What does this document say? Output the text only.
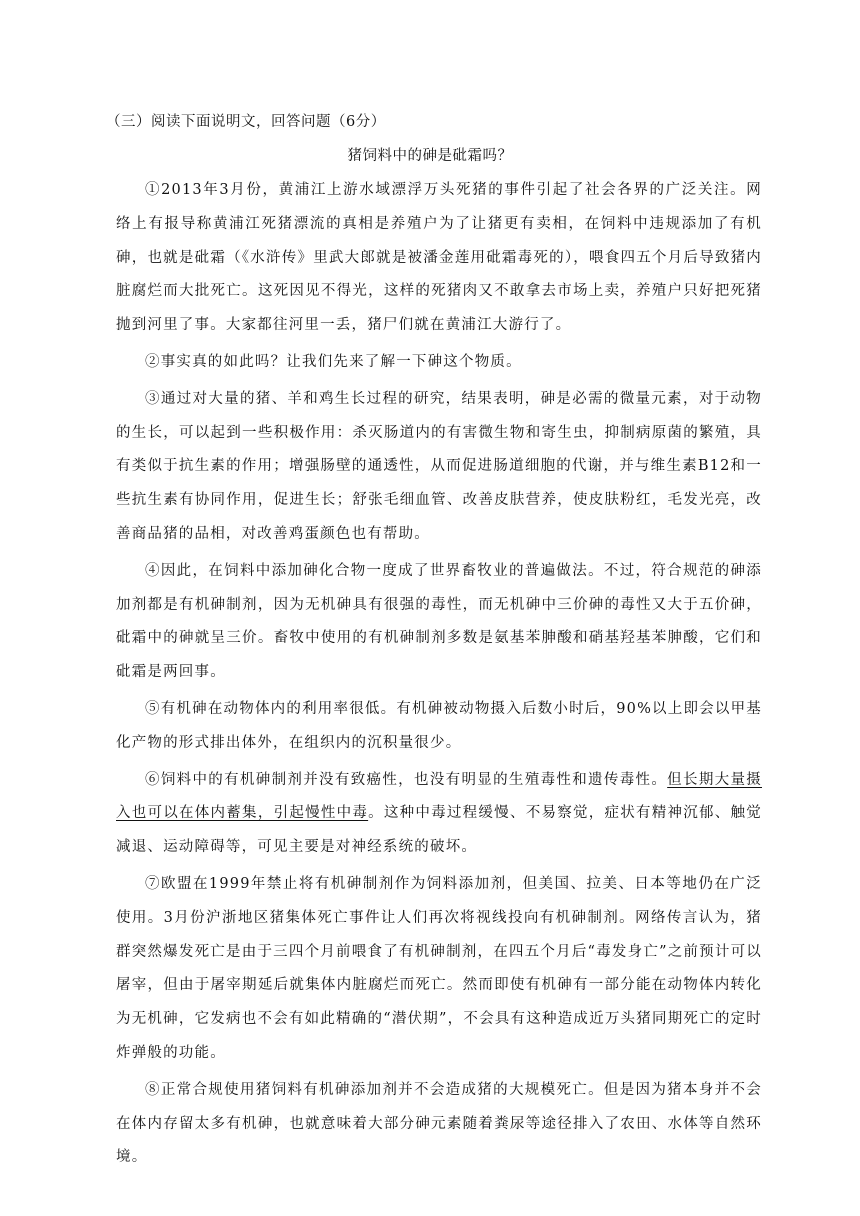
（三）阅读下面说明文，回答问题（6分）
猪饲料中的砷是砒霜吗？

①2013年3月份，黄浦江上游水域漂浮万头死猪的事件引起了社会各界的广泛关注。网络上有报导称黄浦江死猪漂流的真相是养殖户为了让猪更有卖相，在饲料中违规添加了有机砷，也就是砒霜（《水浒传》里武大郎就是被潘金莲用砒霜毒死的），喂食四五个月后导致猪内脏腐烂而大批死亡。这死因见不得光，这样的死猪肉又不敢拿去市场上卖，养殖户只好把死猪抛到河里了事。大家都往河里一丢，猪尸们就在黄浦江大游行了。

②事实真的如此吗？让我们先来了解一下砷这个物质。

③通过对大量的猪、羊和鸡生长过程的研究，结果表明，砷是必需的微量元素，对于动物的生长，可以起到一些积极作用：杀灭肠道内的有害微生物和寄生虫，抑制病原菌的繁殖，具有类似于抗生素的作用；增强肠壁的通透性，从而促进肠道细胞的代谢，并与维生素B12和一些抗生素有协同作用，促进生长；舒张毛细血管、改善皮肤营养，使皮肤粉红，毛发光亮，改善商品猪的品相，对改善鸡蛋颜色也有帮助。

④因此，在饲料中添加砷化合物一度成了世界畜牧业的普遍做法。不过，符合规范的砷添加剂都是有机砷制剂，因为无机砷具有很强的毒性，而无机砷中三价砷的毒性又大于五价砷，砒霜中的砷就呈三价。畜牧中使用的有机砷制剂多数是氨基苯胂酸和硝基羟基苯胂酸，它们和砒霜是两回事。

⑤有机砷在动物体内的利用率很低。有机砷被动物摄入后数小时后，90%以上即会以甲基化产物的形式排出体外，在组织内的沉积量很少。

⑥饲料中的有机砷制剂并没有致癌性，也没有明显的生殖毒性和遗传毒性。但长期大量摄入也可以在体内蓄集，引起慢性中毒。这种中毒过程缓慢、不易察觉，症状有精神沉郁、触觉减退、运动障碍等，可见主要是对神经系统的破坏。

⑦欧盟在1999年禁止将有机砷制剂作为饲料添加剂，但美国、拉美、日本等地仍在广泛使用。3月份沪浙地区猪集体死亡事件让人们再次将视线投向有机砷制剂。网络传言认为，猪群突然爆发死亡是由于三四个月前喂食了有机砷制剂，在四五个月后“毒发身亡”之前预计可以屠宰，但由于屠宰期延后就集体内脏腐烂而死亡。然而即使有机砷有一部分能在动物体内转化为无机砷，它发病也不会有如此精确的“潜伏期”，不会具有这种造成近万头猪同期死亡的定时炸弹般的功能。

⑧正常合规使用猪饲料有机砷添加剂并不会造成猪的大规模死亡。但是因为猪本身并不会在体内存留太多有机砷，也就意味着大部分砷元素随着粪尿等途径排入了农田、水体等自然环境。
